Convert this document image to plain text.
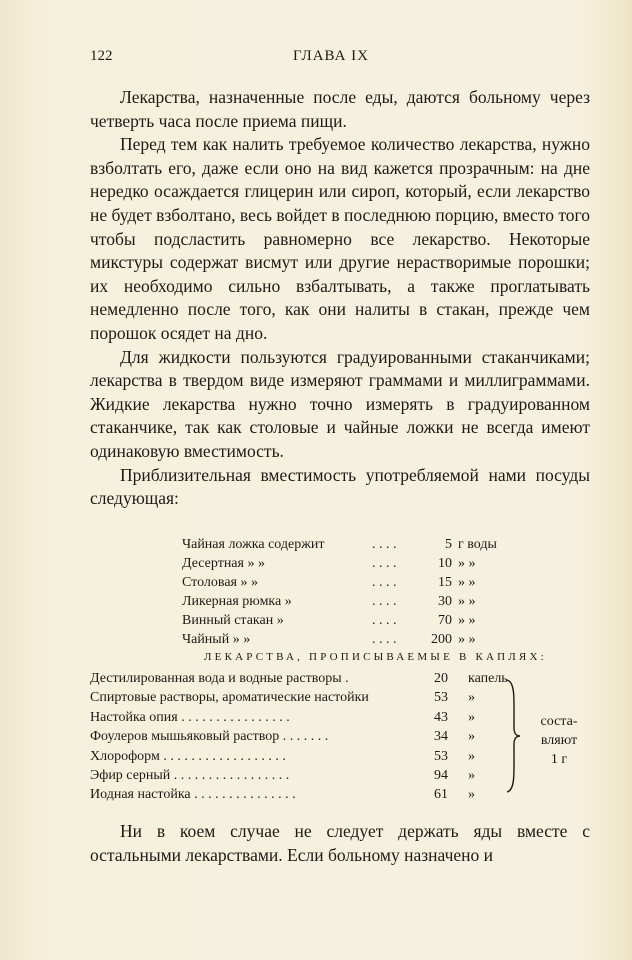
122	ГЛАВА IX

Лекарства, назначенные после еды, даются больному через четверть часа после приема пищи.

Перед тем как налить требуемое количество лекарства, нужно взболтать его, даже если оно на вид кажется прозрачным: на дне нередко осаждается глицерин или сироп, который, если лекарство не будет взболтано, весь войдет в последнюю порцию, вместо того чтобы подсластить равномерно все лекарство. Некоторые микстуры содержат висмут или другие нерастворимые порошки; их необходимо сильно взбалтывать, а также проглатывать немедленно после того, как они налиты в стакан, прежде чем порошок осядет на дно.

Для жидкости пользуются градуированными стаканчиками; лекарства в твердом виде измеряют граммами и миллиграммами. Жидкие лекарства нужно точно измерять в градуированном стаканчике, так как столовые и чайные ложки не всегда имеют одинаковую вместимость.

Приблизительная вместимость употребляемой нами посуды следующая:

Чайная ложка содержит	. . . .	5 г воды
Десертная » »	. . . .	10 » »
Столовая » »	. . . .	15 » »
Ликерная рюмка »	. . . .	30 » »
Винный стакан »	. . . .	70 » »
Чайный » »	. . . .	200 » »
ЛЕКАРСТВА, ПРОПИСЫВАЕМЫЕ В КАПЛЯХ:
Дестилированная вода и водные растворы .	20 капель
Спиртовые растворы, ароматические настойки	53 »
Настойка опия . . . . . . . . . . . . . . . .	43 »
Фоулеров мышьяковый раствор . . . . . . .	34 »
Хлороформ . . . . . . . . . . . . . . . . . .	53 »
Эфир серный . . . . . . . . . . . . . . . . .	94 »
Иодная настойка . . . . . . . . . . . . . . .	61 »
соста-
вляют
1 г

Ни в коем случае не следует держать яды вместе с остальными лекарствами. Если больному назначено и
